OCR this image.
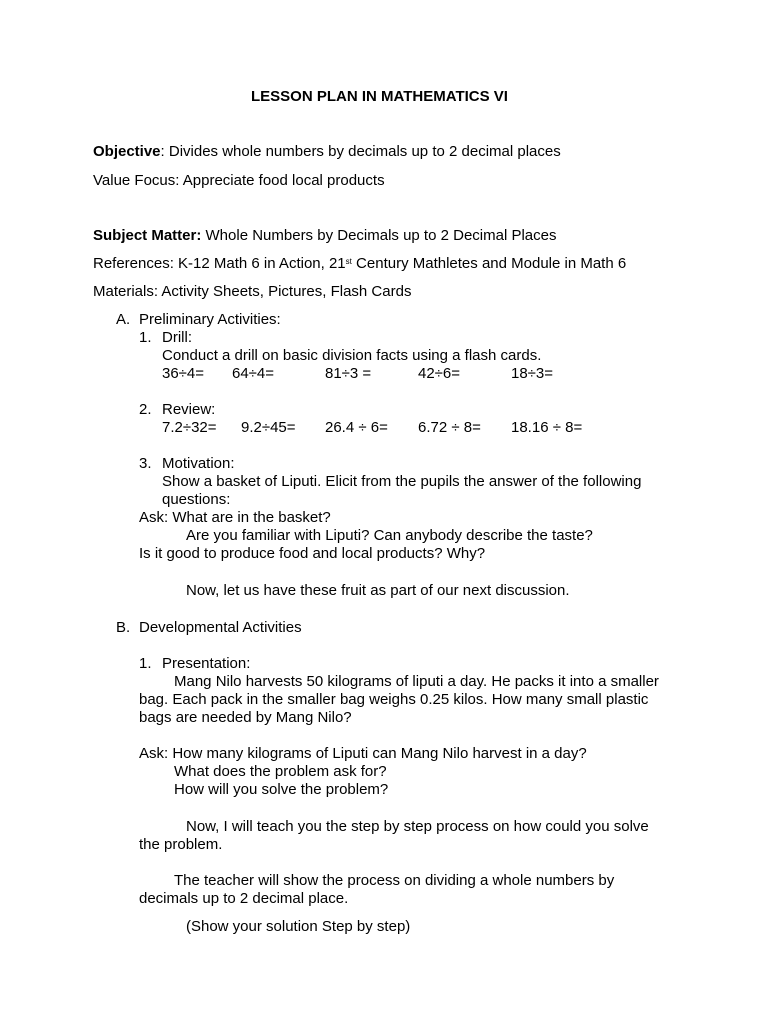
LESSON PLAN IN MATHEMATICS VI
Objective: Divides whole numbers by decimals up to 2 decimal places
Value Focus: Appreciate food local products
Subject Matter: Whole Numbers by Decimals up to 2 Decimal Places
References: K-12 Math 6 in Action, 21st Century Mathletes and Module in Math 6
Materials: Activity Sheets, Pictures, Flash Cards
A. Preliminary Activities:
1. Drill:
Conduct a drill on basic division facts using a flash cards.
36÷4= 64÷4=	81÷3 =	42÷6=	18÷3=
2. Review:
7.2÷32= 9.2÷45= 26.4 ÷ 6= 6.72 ÷ 8= 18.16 ÷ 8=
3. Motivation:
Show a basket of Liputi. Elicit from the pupils the answer of the following
questions:
Ask: What are in the basket?
Are you familiar with Liputi? Can anybody describe the taste?
Is it good to produce food and local products? Why?
Now, let us have these fruit as part of our next discussion.
B. Developmental Activities
1. Presentation:
Mang Nilo harvests 50 kilograms of liputi a day. He packs it into a smaller
bag. Each pack in the smaller bag weighs 0.25 kilos. How many small plastic
bags are needed by Mang Nilo?
Ask: How many kilograms of Liputi can Mang Nilo harvest in a day?
What does the problem ask for?
How will you solve the problem?
Now, I will teach you the step by step process on how could you solve
the problem.
The teacher will show the process on dividing a whole numbers by
decimals up to 2 decimal place.
(Show your solution Step by step)
